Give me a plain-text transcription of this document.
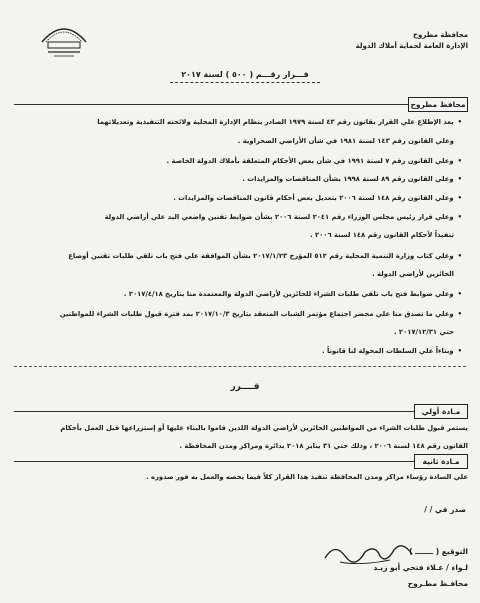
محافظة مطروح
الإدارة العامة لحماية أملاك الدولة
قـــرار رقـــم ( ٥٠٠ ) لسنة ٢٠١٧
محافظ مطروح
• بعد الإطلاع علي القرار بقانون رقم ٤٣ لسنة ١٩٧٩ الصادر بنظام الإدارة المحلية ولائحته التنفيذية وتعديلاتهما
وعلي القانون رقم ١٤٣ لسنة ١٩٨١ في شأن الأراضي الصحراوية .
• وعلي القانون رقم ٧ لسنة ١٩٩١ في شأن بعض الأحكام المتعلقة بأملاك الدولة الخاصة .
• وعلي القانون رقم ٨٩ لسنة ١٩٩٨ بشأن المناقصات والمزايدات .
• وعلي القانون رقم ١٤٨ لسنة ٢٠٠٦ بتعديل بعض أحكام قانون المناقصات والمزايدات .
• وعلي قرار رئيس مجلس الوزراء رقم ٢٠٤١ لسنة ٢٠٠٦ بشأن ضوابط تقنين واضعي اليد علي أراضي الدولة
تنفيذاً لأحكام القانون رقم ١٤٨ لسنة ٢٠٠٦ .
• وعلي كتاب وزارة التنمية المحلية رقم ٥١٢ المؤرخ ٢٠١٧/١/٢٣ بشأن الموافقة علي فتح باب تلقي طلبات تقنين أوضاع
الحائزين لأراضي الدولة .
• وعلي ضوابط فتح باب تلقي طلبات الشراء للحائزين لأراضي الدولة والمعتمدة منا بتاريخ ٢٠١٧/٤/١٨ .
• وعلي ما تصدق منا علي محضر اجتماع مؤتمر الشباب المنعقد بتاريخ ٢٠١٧/١٠/٣ بمد فترة قبول طلبات الشراء للمواطنين
حتي ٢٠١٧/١٢/٣١ .
• وبناءاً علي السلطات المخولة لنا قانوناً .
قــــرر
مـادة أولي
يستمر قبول طلبات الشراء من المواطنين الحائزين لأراضي الدولة اللذين قاموا بالبناء عليها أو إستزراعها قبل العمل بأحكام
القانون رقم ١٤٨ لسنة ٢٠٠٦ ، وذلك حتي ٣١ يناير ٢٠١٨ بدائرة ومراكز ومدن المحافظة .
مـادة ثانية
علي السادة رؤساء مراكز ومدن المحافظة تنفيذ هذا القرار كلاً فيما يخصه والعمل به فور صدوره .
صدر في / /
التوقيع ( ـــــــ )
لـواء / عـلاء فتحي أبو زيـد
محافـظ مطـروح
